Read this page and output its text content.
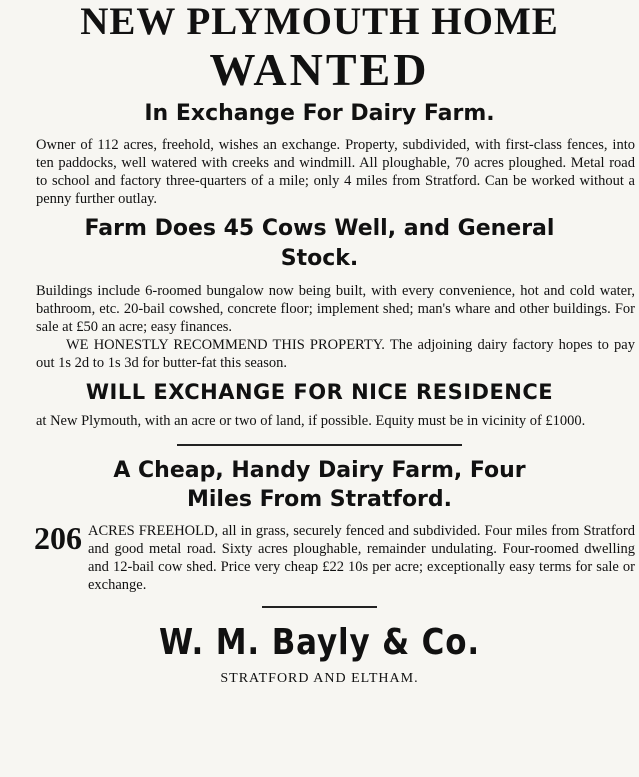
NEW PLYMOUTH HOME
WANTED
In Exchange For Dairy Farm.
Owner of 112 acres, freehold, wishes an exchange. Property, subdivided, with first-class fences, into ten paddocks, well watered with creeks and windmill. All ploughable, 70 acres ploughed. Metal road to school and factory three-quarters of a mile; only 4 miles from Stratford. Can be worked without a penny further outlay.
Farm Does 45 Cows Well, and General Stock.
Buildings include 6-roomed bungalow now being built, with every convenience, hot and cold water, bathroom, etc. 20-bail cowshed, concrete floor; implement shed; man's whare and other buildings. For sale at £50 an acre; easy finances.
WE HONESTLY RECOMMEND THIS PROPERTY. The adjoining dairy factory hopes to pay out 1s 2d to 1s 3d for butter-fat this season.
WILL EXCHANGE FOR NICE RESIDENCE
at New Plymouth, with an acre or two of land, if possible. Equity must be in vicinity of £1000.
A Cheap, Handy Dairy Farm, Four Miles From Stratford.
206 ACRES FREEHOLD, all in grass, securely fenced and subdivided. Four miles from Stratford and good metal road. Sixty acres ploughable, remainder undulating. Four-roomed dwelling and 12-bail cow shed. Price very cheap £22 10s per acre; exceptionally easy terms for sale or exchange.
W. M. Bayly & Co.
STRATFORD AND ELTHAM.
